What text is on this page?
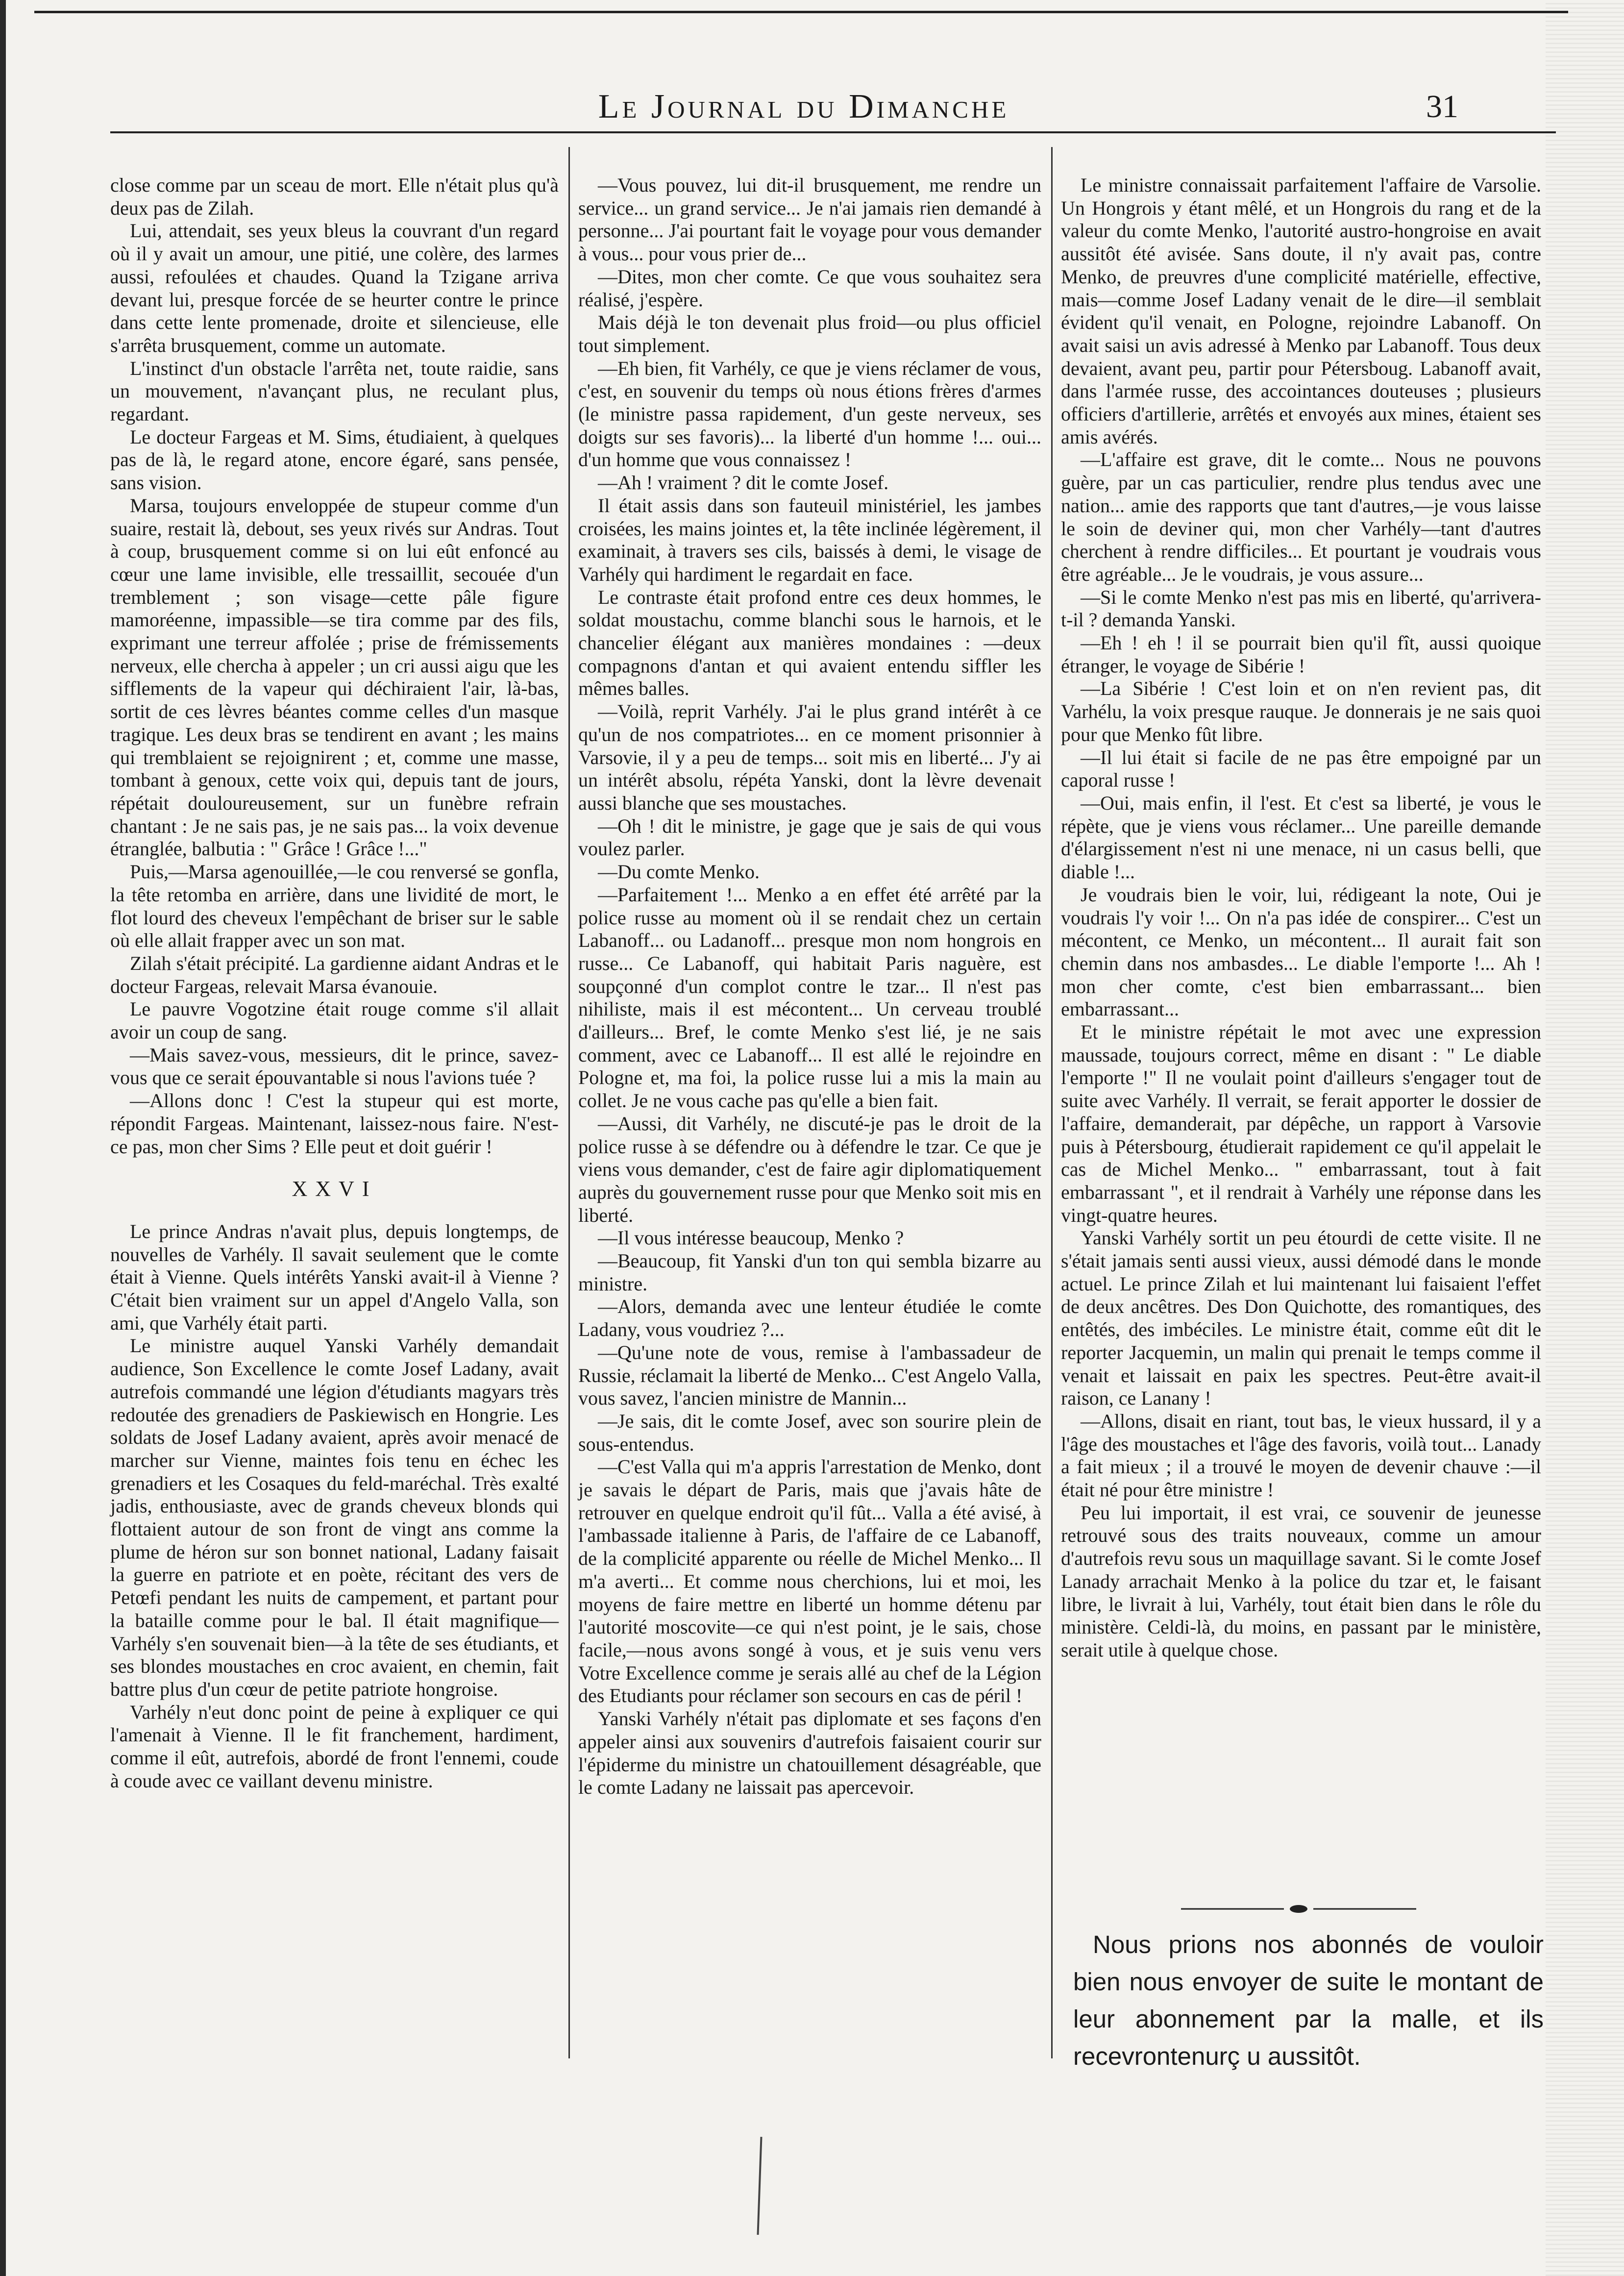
Le Journal du Dimanche	31

close comme par un sceau de mort. Elle n'était plus qu'à deux pas de Zilah.

Lui, attendait, ses yeux bleus la couvrant d'un regard où il y avait un amour, une pitié, une colère, des larmes aussi, refoulées et chaudes. Quand la Tzigane arriva devant lui, presque forcée de se heurter contre le prince dans cette lente promenade, droite et silencieuse, elle s'arrêta brusquement, comme un automate.

L'instinct d'un obstacle l'arrêta net, toute raidie, sans un mouvement, n'avançant plus, ne reculant plus, regardant.

Le docteur Fargeas et M. Sims, étudiaient, à quelques pas de là, le regard atone, encore égaré, sans pensée, sans vision.

Marsa, toujours enveloppée de stupeur comme d'un suaire, restait là, debout, ses yeux rivés sur Andras. Tout à coup, brusquement comme si on lui eût enfoncé au cœur une lame invisible, elle tressaillit, secouée d'un tremblement ; son visage—cette pâle figure mamoréenne, impassible—se tira comme par des fils, exprimant une terreur affolée ; prise de frémissements nerveux, elle chercha à appeler ; un cri aussi aigu que les sifflements de la vapeur qui déchiraient l'air, là-bas, sortit de ces lèvres béantes comme celles d'un masque tragique. Les deux bras se tendirent en avant ; les mains qui tremblaient se rejoignirent ; et, comme une masse, tombant à genoux, cette voix qui, depuis tant de jours, répétait douloureusement, sur un funèbre refrain chantant : Je ne sais pas, je ne sais pas... la voix devenue étranglée, balbutia : " Grâce ! Grâce !..."

Puis,—Marsa agenouillée,—le cou renversé se gonfla, la tête retomba en arrière, dans une lividité de mort, le flot lourd des cheveux l'empêchant de briser sur le sable où elle allait frapper avec un son mat.

Zilah s'était précipité. La gardienne aidant Andras et le docteur Fargeas, relevait Marsa évanouie.

Le pauvre Vogotzine était rouge comme s'il allait avoir un coup de sang.

—Mais savez-vous, messieurs, dit le prince, savez-vous que ce serait épouvantable si nous l'avions tuée ?

—Allons donc ! C'est la stupeur qui est morte, répondit Fargeas. Maintenant, laissez-nous faire. N'est-ce pas, mon cher Sims ? Elle peut et doit guérir !

XXVI

Le prince Andras n'avait plus, depuis longtemps, de nouvelles de Varhély. Il savait seulement que le comte était à Vienne. Quels intérêts Yanski avait-il à Vienne ? C'était bien vraiment sur un appel d'Angelo Valla, son ami, que Varhély était parti.

Le ministre auquel Yanski Varhély demandait audience, Son Excellence le comte Josef Ladany, avait autrefois commandé une légion d'étudiants magyars très redoutée des grenadiers de Paskiewisch en Hongrie. Les soldats de Josef Ladany avaient, après avoir menacé de marcher sur Vienne, maintes fois tenu en échec les grenadiers et les Cosaques du feld-maréchal. Très exalté jadis, enthousiaste, avec de grands cheveux blonds qui flottaient autour de son front de vingt ans comme la plume de héron sur son bonnet national, Ladany faisait la guerre en patriote et en poète, récitant des vers de Petœfi pendant les nuits de campement, et partant pour la bataille comme pour le bal. Il était magnifique—Varhély s'en souvenait bien—à la tête de ses étudiants, et ses blondes moustaches en croc avaient, en chemin, fait battre plus d'un cœur de petite patriote hongroise.

Varhély n'eut donc point de peine à expliquer ce qui l'amenait à Vienne. Il le fit franchement, hardiment, comme il eût, autrefois, abordé de front l'ennemi, coude à coude avec ce vaillant devenu ministre.

—Vous pouvez, lui dit-il brusquement, me rendre un service... un grand service... Je n'ai jamais rien demandé à personne... J'ai pourtant fait le voyage pour vous demander à vous... pour vous prier de...

—Dites, mon cher comte. Ce que vous souhaitez sera réalisé, j'espère.

Mais déjà le ton devenait plus froid—ou plus officiel tout simplement.

—Eh bien, fit Varhély, ce que je viens réclamer de vous, c'est, en souvenir du temps où nous étions frères d'armes (le ministre passa rapidement, d'un geste nerveux, ses doigts sur ses favoris)... la liberté d'un homme !... oui... d'un homme que vous connaissez !

—Ah ! vraiment ? dit le comte Josef.

Il était assis dans son fauteuil ministériel, les jambes croisées, les mains jointes et, la tête inclinée légèrement, il examinait, à travers ses cils, baissés à demi, le visage de Varhély qui hardiment le regardait en face.

Le contraste était profond entre ces deux hommes, le soldat moustachu, comme blanchi sous le harnois, et le chancelier élégant aux manières mondaines : —deux compagnons d'antan et qui avaient entendu siffler les mêmes balles.

—Voilà, reprit Varhély. J'ai le plus grand intérêt à ce qu'un de nos compatriotes... en ce moment prisonnier à Varsovie, il y a peu de temps... soit mis en liberté... J'y ai un intérêt absolu, répéta Yanski, dont la lèvre devenait aussi blanche que ses moustaches.

—Oh ! dit le ministre, je gage que je sais de qui vous voulez parler.

—Du comte Menko.

—Parfaitement !... Menko a en effet été arrêté par la police russe au moment où il se rendait chez un certain Labanoff... ou Ladanoff... presque mon nom hongrois en russe... Ce Labanoff, qui habitait Paris naguère, est soupçonné d'un complot contre le tzar... Il n'est pas nihiliste, mais il est mécontent... Un cerveau troublé d'ailleurs... Bref, le comte Menko s'est lié, je ne sais comment, avec ce Labanoff... Il est allé le rejoindre en Pologne et, ma foi, la police russe lui a mis la main au collet. Je ne vous cache pas qu'elle a bien fait.

—Aussi, dit Varhély, ne discuté-je pas le droit de la police russe à se défendre ou à défendre le tzar. Ce que je viens vous demander, c'est de faire agir diplomatiquement auprès du gouvernement russe pour que Menko soit mis en liberté.

—Il vous intéresse beaucoup, Menko ?

—Beaucoup, fit Yanski d'un ton qui sembla bizarre au ministre.

—Alors, demanda avec une lenteur étudiée le comte Ladany, vous voudriez ?...

—Qu'une note de vous, remise à l'ambassadeur de Russie, réclamait la liberté de Menko... C'est Angelo Valla, vous savez, l'ancien ministre de Mannin...

—Je sais, dit le comte Josef, avec son sourire plein de sous-entendus.

—C'est Valla qui m'a appris l'arrestation de Menko, dont je savais le départ de Paris, mais que j'avais hâte de retrouver en quelque endroit qu'il fût... Valla a été avisé, à l'ambassade italienne à Paris, de l'affaire de ce Labanoff, de la complicité apparente ou réelle de Michel Menko... Il m'a averti... Et comme nous cherchions, lui et moi, les moyens de faire mettre en liberté un homme détenu par l'autorité moscovite—ce qui n'est point, je le sais, chose facile,—nous avons songé à vous, et je suis venu vers Votre Excellence comme je serais allé au chef de la Légion des Etudiants pour réclamer son secours en cas de péril !

Yanski Varhély n'était pas diplomate et ses façons d'en appeler ainsi aux souvenirs d'autrefois faisaient courir sur l'épiderme du ministre un chatouillement désagréable, que le comte Ladany ne laissait pas apercevoir.

Le ministre connaissait parfaitement l'affaire de Varsolie. Un Hongrois y étant mêlé, et un Hongrois du rang et de la valeur du comte Menko, l'autorité austro-hongroise en avait aussitôt été avisée. Sans doute, il n'y avait pas, contre Menko, de preuvres d'une complicité matérielle, effective, mais—comme Josef Ladany venait de le dire—il semblait évident qu'il venait, en Pologne, rejoindre Labanoff. On avait saisi un avis adressé à Menko par Labanoff. Tous deux devaient, avant peu, partir pour Pétersboug. Labanoff avait, dans l'armée russe, des accointances douteuses ; plusieurs officiers d'artillerie, arrêtés et envoyés aux mines, étaient ses amis avérés.

—L'affaire est grave, dit le comte... Nous ne pouvons guère, par un cas particulier, rendre plus tendus avec une nation... amie des rapports que tant d'autres,—je vous laisse le soin de deviner qui, mon cher Varhély—tant d'autres cherchent à rendre difficiles... Et pourtant je voudrais vous être agréable... Je le voudrais, je vous assure...

—Si le comte Menko n'est pas mis en liberté, qu'arrivera-t-il ? demanda Yanski.

—Eh ! eh ! il se pourrait bien qu'il fît, aussi quoique étranger, le voyage de Sibérie !

—La Sibérie ! C'est loin et on n'en revient pas, dit Varhélu, la voix presque rauque. Je donnerais je ne sais quoi pour que Menko fût libre.

—Il lui était si facile de ne pas être empoigné par un caporal russe !

—Oui, mais enfin, il l'est. Et c'est sa liberté, je vous le répète, que je viens vous réclamer... Une pareille demande d'élargissement n'est ni une menace, ni un casus belli, que diable !...

Je voudrais bien le voir, lui, rédigeant la note, Oui je voudrais l'y voir !... On n'a pas idée de conspirer... C'est un mécontent, ce Menko, un mécontent... Il aurait fait son chemin dans nos ambasdes... Le diable l'emporte !... Ah ! mon cher comte, c'est bien embarrassant... bien embarrassant...

Et le ministre répétait le mot avec une expression maussade, toujours correct, même en disant : " Le diable l'emporte !" Il ne voulait point d'ailleurs s'engager tout de suite avec Varhély. Il verrait, se ferait apporter le dossier de l'affaire, demanderait, par dépêche, un rapport à Varsovie puis à Pétersbourg, étudierait rapidement ce qu'il appelait le cas de Michel Menko... " embarrassant, tout à fait embarrassant ", et il rendrait à Varhély une réponse dans les vingt-quatre heures.

Yanski Varhély sortit un peu étourdi de cette visite. Il ne s'était jamais senti aussi vieux, aussi démodé dans le monde actuel. Le prince Zilah et lui maintenant lui faisaient l'effet de deux ancêtres. Des Don Quichotte, des romantiques, des entêtés, des imbéciles. Le ministre était, comme eût dit le reporter Jacquemin, un malin qui prenait le temps comme il venait et laissait en paix les spectres. Peut-être avait-il raison, ce Lanany !

—Allons, disait en riant, tout bas, le vieux hussard, il y a l'âge des moustaches et l'âge des favoris, voilà tout... Lanady a fait mieux ; il a trouvé le moyen de devenir chauve :—il était né pour être ministre !

Peu lui importait, il est vrai, ce souvenir de jeunesse retrouvé sous des traits nouveaux, comme un amour d'autrefois revu sous un maquillage savant. Si le comte Josef Lanady arrachait Menko à la police du tzar et, le faisant libre, le livrait à lui, Varhély, tout était bien dans le rôle du ministère. Celdi-là, du moins, en passant par le ministère, serait utile à quelque chose.

Nous prions nos abonnés de vouloir bien nous envoyer de suite le montant de leur abonnement par la malle, et ils recevrontenurç u aussitôt.
